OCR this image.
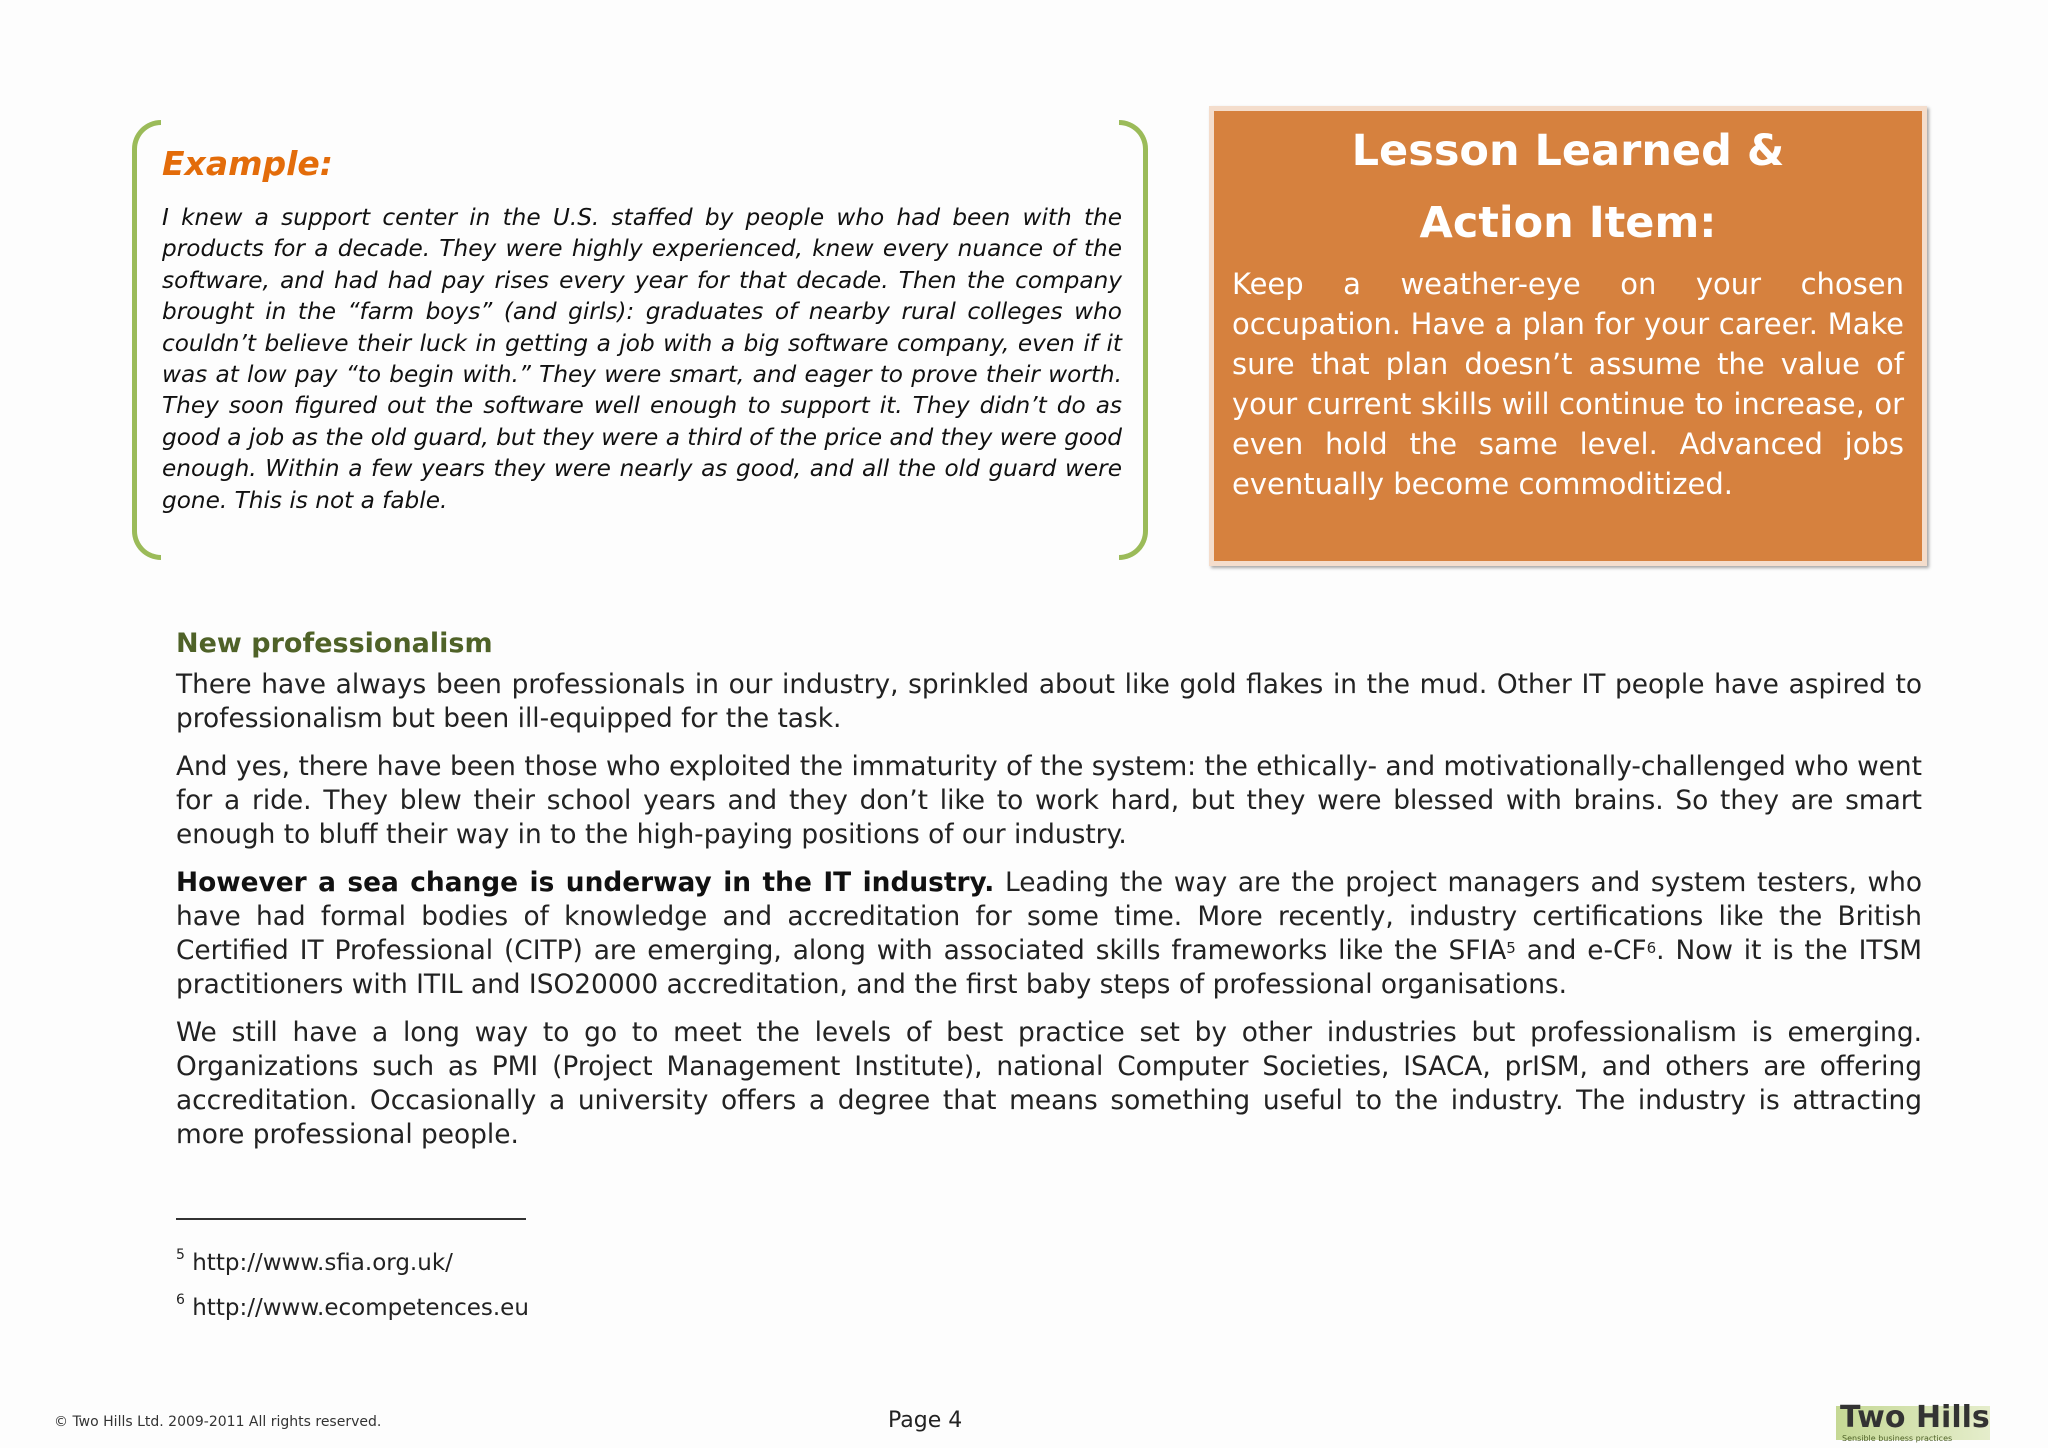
Example:

I knew a support center in the U.S. staffed by people who had been with the products for a decade. They were highly experienced, knew every nuance of the software, and had had pay rises every year for that decade. Then the company brought in the “farm boys” (and girls): graduates of nearby rural colleges who couldn’t believe their luck in getting a job with a big software company, even if it was at low pay “to begin with.” They were smart, and eager to prove their worth. They soon figured out the software well enough to support it. They didn’t do as good a job as the old guard, but they were a third of the price and they were good enough. Within a few years they were nearly as good, and all the old guard were gone. This is not a fable.

Lesson Learned &
Action Item:

Keep a weather-eye on your chosen occupation. Have a plan for your career. Make sure that plan doesn’t assume the value of your current skills will continue to increase, or even hold the same level. Advanced jobs eventually become commoditized.

New professionalism

There have always been professionals in our industry, sprinkled about like gold flakes in the mud. Other IT people have aspired to professionalism but been ill-equipped for the task.

And yes, there have been those who exploited the immaturity of the system: the ethically- and motivationally-challenged who went for a ride. They blew their school years and they don’t like to work hard, but they were blessed with brains. So they are smart enough to bluff their way in to the high-paying positions of our industry.

However a sea change is underway in the IT industry. Leading the way are the project managers and system testers, who have had formal bodies of knowledge and accreditation for some time. More recently, industry certifications like the British Certified IT Professional (CITP) are emerging, along with associated skills frameworks like the SFIA$^5$ and $e-CF^6$. Now it is the ITSM practitioners with ITIL and ISO20000 accreditation, and the first baby steps of professional organisations.

We still have a long way to go to meet the levels of best practice set by other industries but professionalism is emerging. Organizations such as PMI (Project Management Institute), national Computer Societies, ISACA, prISM, and others are offering accreditation. Occasionally a university offers a degree that means something useful to the industry. The industry is attracting more professional people.

$^5$ http://www.sfia.org.uk/

$^6$ http://www.ecompetences.eu

© Two Hills Ltd. 2009-2011 All rights reserved.	Page 4	Two Hills
Sensible business practices
